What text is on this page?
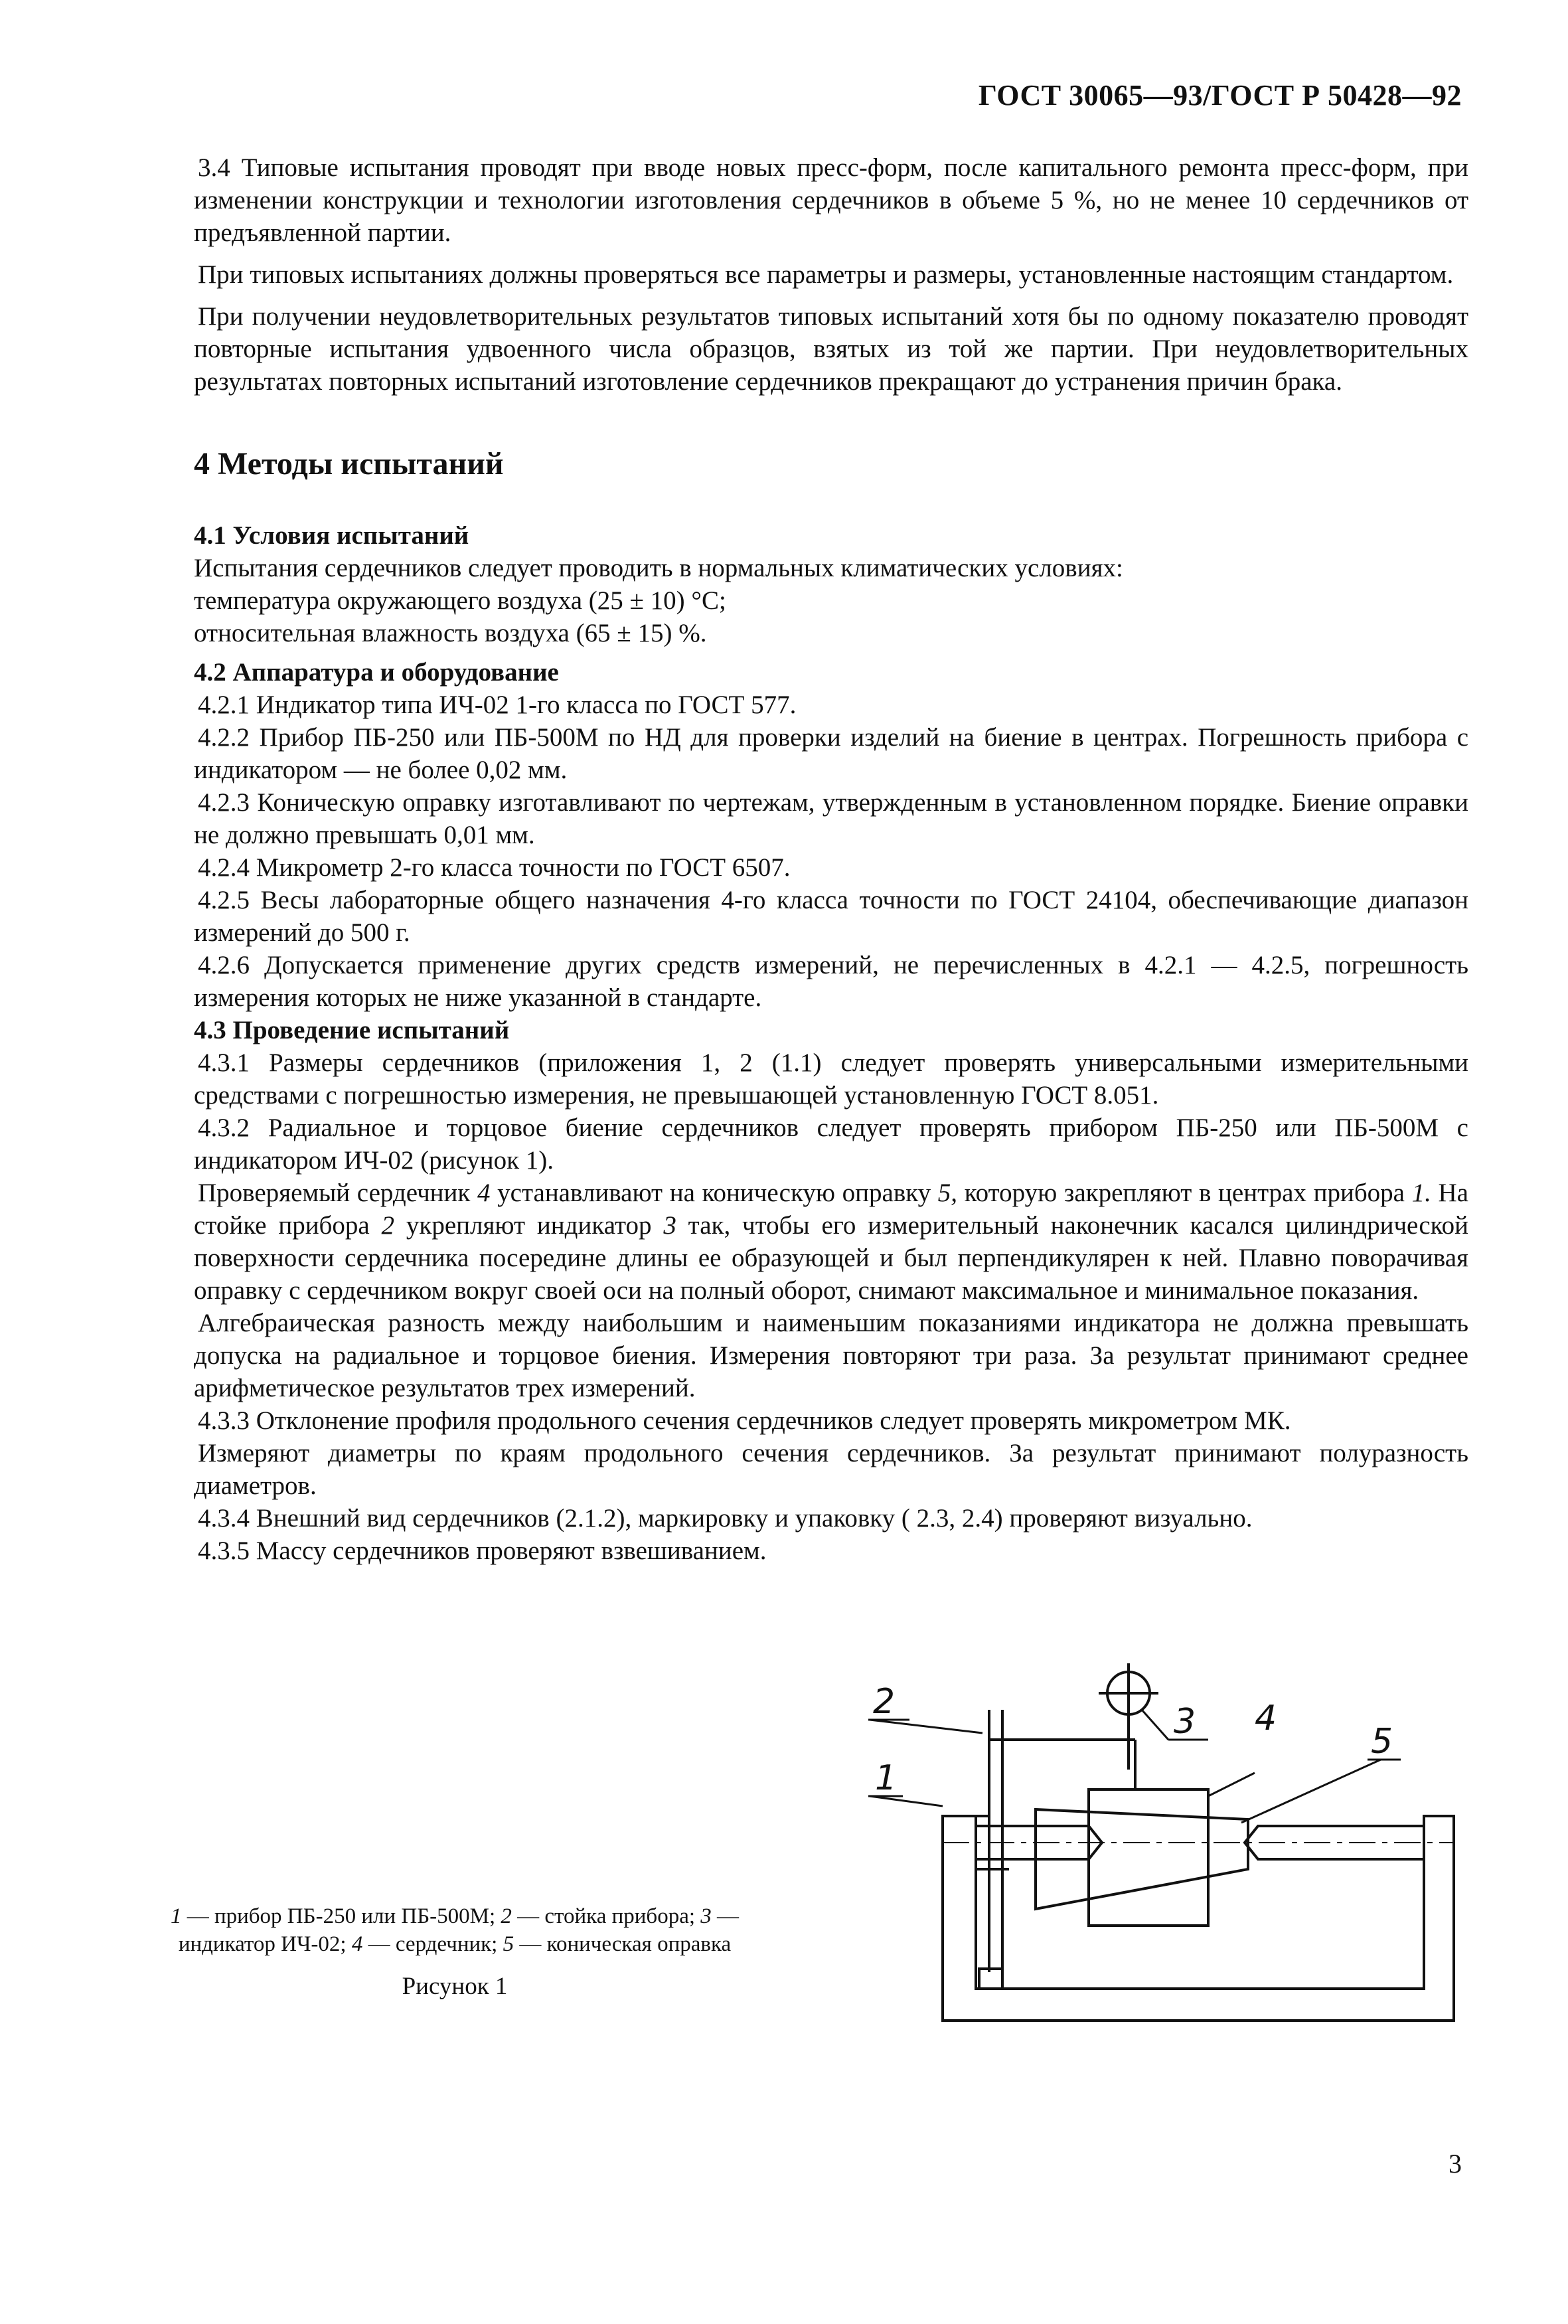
ГОСТ 30065—93/ГОСТ Р 50428—92

3.4 Типовые испытания проводят при вводе новых пресс-форм, после капитального ремонта пресс-форм, при изменении конструкции и технологии изготовления сердечников в объеме 5 %, но не менее 10 сердечников от предъявленной партии.

При типовых испытаниях должны проверяться все параметры и размеры, установленные настоящим стандартом.

При получении неудовлетворительных результатов типовых испытаний хотя бы по одному показателю проводят повторные испытания удвоенного числа образцов, взятых из той же партии. При неудовлетворительных результатах повторных испытаний изготовление сердечников прекращают до устранения причин брака.

4 Методы испытаний
4.1 Условия испытаний

Испытания сердечников следует проводить в нормальных климатических условиях:

температура окружающего воздуха (25 ± 10) °С;

относительная влажность воздуха (65 ± 15) %.

4.2 Аппаратура и оборудование

4.2.1 Индикатор типа ИЧ-02 1-го класса по ГОСТ 577.

4.2.2 Прибор ПБ-250 или ПБ-500М по НД для проверки изделий на биение в центрах. Погрешность прибора с индикатором — не более 0,02 мм.

4.2.3 Коническую оправку изготавливают по чертежам, утвержденным в установленном порядке. Биение оправки не должно превышать 0,01 мм.

4.2.4 Микрометр 2-го класса точности по ГОСТ 6507.

4.2.5 Весы лабораторные общего назначения 4-го класса точности по ГОСТ 24104, обеспечивающие диапазон измерений до 500 г.

4.2.6 Допускается применение других средств измерений, не перечисленных в 4.2.1 — 4.2.5, погрешность измерения которых не ниже указанной в стандарте.

4.3 Проведение испытаний

4.3.1 Размеры сердечников (приложения 1, 2 (1.1) следует проверять универсальными измерительными средствами с погрешностью измерения, не превышающей установленную ГОСТ 8.051.

4.3.2 Радиальное и торцовое биение сердечников следует проверять прибором ПБ-250 или ПБ-500М с индикатором ИЧ-02 (рисунок 1).

Проверяемый сердечник 4 устанавливают на коническую оправку 5, которую закрепляют в центрах прибора 1. На стойке прибора 2 укрепляют индикатор 3 так, чтобы его измерительный наконечник касался цилиндрической поверхности сердечника посередине длины ее образующей и был перпендикулярен к ней. Плавно поворачивая оправку с сердечником вокруг своей оси на полный оборот, снимают максимальное и минимальное показания.

Алгебраическая разность между наибольшим и наименьшим показаниями индикатора не должна превышать допуска на радиальное и торцовое биения. Измерения повторяют три раза. За результат принимают среднее арифметическое результатов трех измерений.

4.3.3 Отклонение профиля продольного сечения сердечников следует проверять микрометром МК.

Измеряют диаметры по краям продольного сечения сердечников. За результат принимают полуразность диаметров.

4.3.4 Внешний вид сердечников (2.1.2), маркировку и упаковку ( 2.3, 2.4) проверяют визуально.

4.3.5 Массу сердечников проверяют взвешиванием.

2
1
3 4
5
1 — прибор ПБ-250 или ПБ-500М; 2 — стойка прибора; 3 — индикатор ИЧ-02; 4 — сердечник; 5 — коническая оправка
Рисунок 1
3
